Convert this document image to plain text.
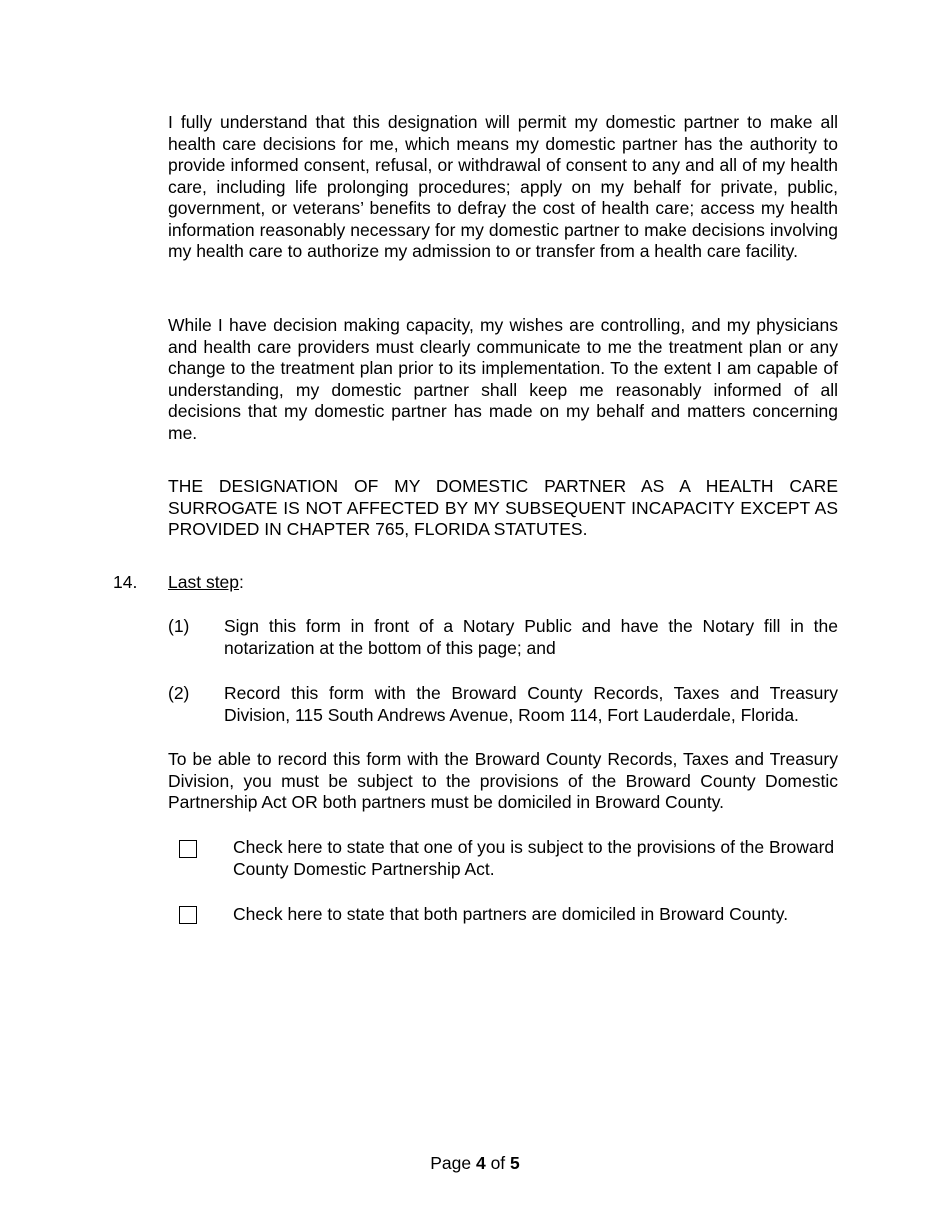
I fully understand that this designation will permit my domestic partner to make all health care decisions for me, which means my domestic partner has the authority to provide informed consent, refusal, or withdrawal of consent to any and all of my health care, including life prolonging procedures; apply on my behalf for private, public, government, or veterans’ benefits to defray the cost of health care; access my health information reasonably necessary for my domestic partner to make decisions involving my health care to authorize my admission to or transfer from a health care facility.

While I have decision making capacity, my wishes are controlling, and my physicians and health care providers must clearly communicate to me the treatment plan or any change to the treatment plan prior to its implementation. To the extent I am capable of understanding, my domestic partner shall keep me reasonably informed of all decisions that my domestic partner has made on my behalf and matters concerning me.

THE DESIGNATION OF MY DOMESTIC PARTNER AS A HEALTH CARE SURROGATE IS NOT AFFECTED BY MY SUBSEQUENT INCAPACITY EXCEPT AS PROVIDED IN CHAPTER 765, FLORIDA STATUTES.

14. Last step:
(1) Sign this form in front of a Notary Public and have the Notary fill in the notarization at the bottom of this page; and

(2) Record this form with the Broward County Records, Taxes and Treasury Division, 115 South Andrews Avenue, Room 114, Fort Lauderdale, Florida.

To be able to record this form with the Broward County Records, Taxes and Treasury Division, you must be subject to the provisions of the Broward County Domestic Partnership Act OR both partners must be domiciled in Broward County.

Check here to state that one of you is subject to the provisions of the Broward County Domestic Partnership Act.

Check here to state that both partners are domiciled in Broward County.

Page 4 of 5
